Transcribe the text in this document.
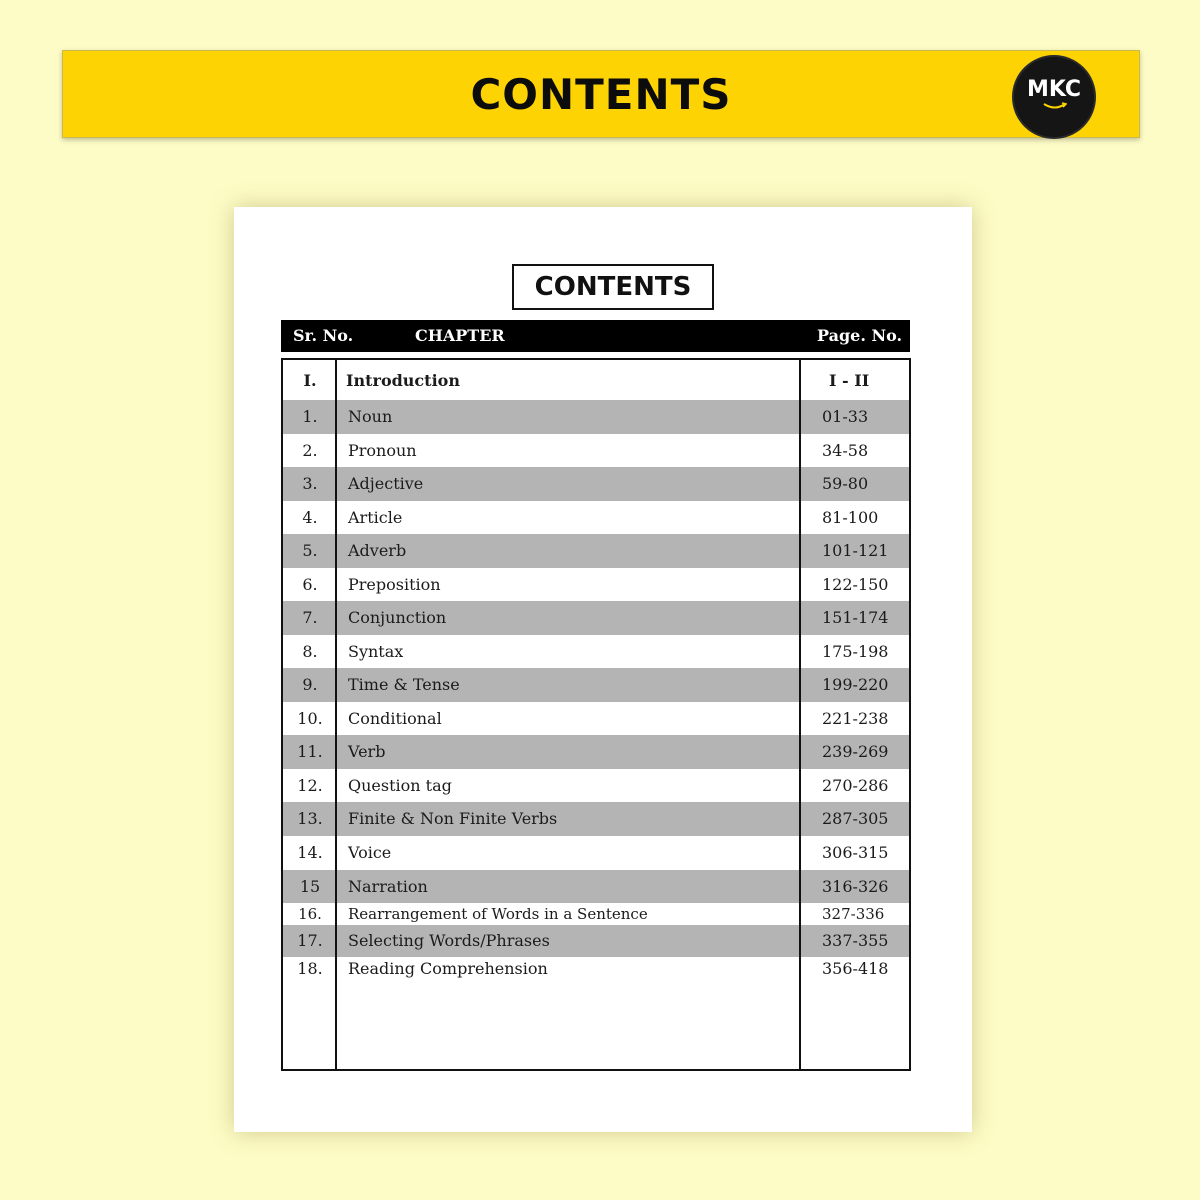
CONTENTS	MKC
CONTENTS
Sr. No.	CHAPTER	Page. No.
I.	Introduction	I - II
1.	Noun	01-33
2.	Pronoun	34-58
3.	Adjective	59-80
4.	Article	81-100
5.	Adverb	101-121
6.	Preposition	122-150
7.	Conjunction	151-174
8.	Syntax	175-198
9.	Time & Tense	199-220
10.	Conditional	221-238
11.	Verb	239-269
12.	Question tag	270-286
13.	Finite & Non Finite Verbs	287-305
14.	Voice	306-315
15	Narration	316-326
16.	Rearrangement of Words in a Sentence	327-336
17.	Selecting Words/Phrases	337-355
18.	Reading Comprehension	356-418
